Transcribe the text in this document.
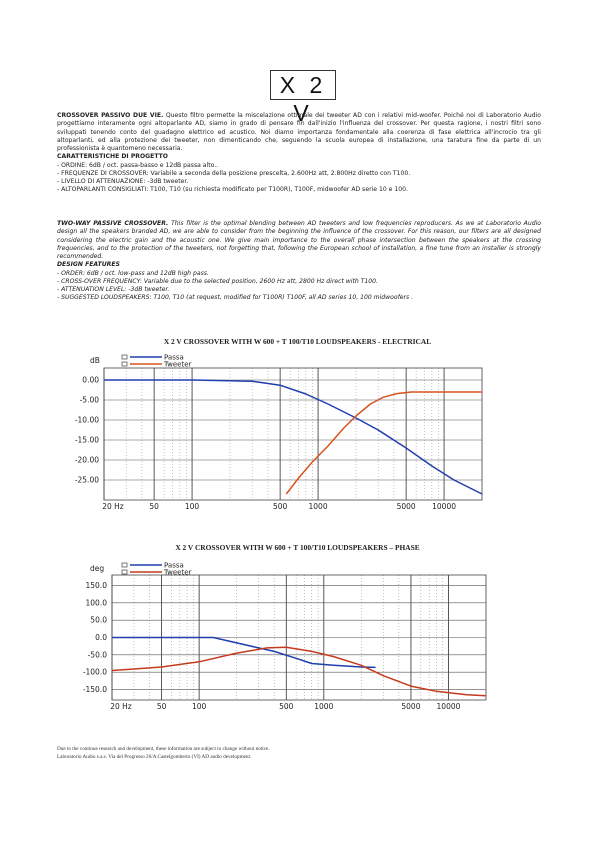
X 2 V

CROSSOVER PASSIVO DUE VIE. Questo filtro permette la miscelazione ottimale dei tweeter AD con i relativi mid-woofer. Poiché noi di Laboratorio Audio progettiamo interamente ogni altoparlante AD, siamo in grado di pensare fin dall'inizio l'influenza del crossover. Per questa ragione, i nostri filtri sono sviluppati tenendo conto del guadagno elettrico ed acustico. Noi diamo importanza fondamentale alla coerenza di fase elettrica all'incrocio tra gli altoparlanti, ed alla protezione dei tweeter, non dimenticando che, seguendo la scuola europea di installazione, una taratura fine da parte di un professionista è quantomeno necessaria.

CARATTERISTICHE DI PROGETTO
- ORDINE: 6dB / oct. passa-basso e 12dB passa alto..
- FREQUENZE DI CROSSOVER: Variabile a seconda della posizione prescelta, 2.600Hz att, 2.800Hz diretto con T100.
- LIVELLO DI ATTENUAZIONE: -3dB tweeter.
- ALTOPARLANTI CONSIGLIATI: T100, T10 (su richiesta modificato per T100R), T100F, midwoofer AD serie 10 e 100.

TWO-WAY PASSIVE CROSSOVER. This filter is the optimal blending between AD tweeters and low frequencies reproducers. As we at Laboratorio Audio design all the speakers branded AD, we are able to consider from the beginning the influence of the crossover. For this reason, our filters are all designed considering the electric gain and the acoustic one. We give main importance to the overall phase intersection between the speakers at the crossing frequencies, and to the protection of the tweeters, not forgetting that, following the European school of installation, a fine tune from an installer is strongly recommended.

DESIGN FEATURES
- ORDER: 6dB / oct. low-pass and 12dB high pass.
- CROSS-OVER FREQUENCY: Variable due to the selected position, 2600 Hz att, 2800 Hz direct with T100.
- ATTENUATION LEVEL: -3dB tweeter.
- SUGGESTED LOUDSPEAKERS: T100, T10 (at request, modified for T100R) T100F, all AD series 10, 100 midwoofers .
X 2 V CROSSOVER WITH W 600 + T 100/T10 LOUDSPEAKERS - ELECTRICAL
0.00
-5.00
-10.00
-15.00
-20.00
-25.00
20 Hz	50	100	500	1000	5000 10000
dB	Passa
Tweeter
X 2 V CROSSOVER WITH W 600 + T 100/T10 LOUDSPEAKERS – PHASE
150.0
100.0
50.0
0.0
-50.0
-100.0
-150.0
20 Hz	50	100	500	1000	5000 10000
deg	Passa
Tweeter
Due to the continue research and development, these information are subject to change without notice.
Laboratorio Audio s.a.s. Via del Progresso 26/A Castelgomberto (VI) AD audio development.
